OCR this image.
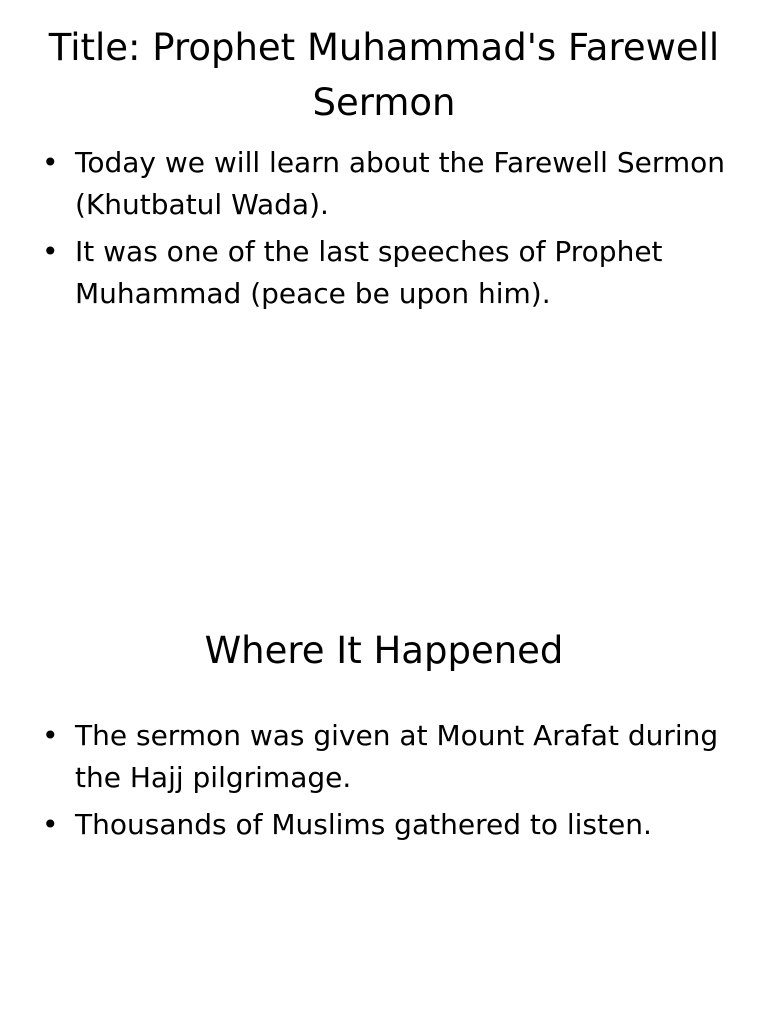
Title: Prophet Muhammad's Farewell Sermon
• Today we will learn about the Farewell Sermon (Khutbatul Wada).
• It was one of the last speeches of Prophet Muhammad (peace be upon him).
Where It Happened
• The sermon was given at Mount Arafat during the Hajj pilgrimage.
• Thousands of Muslims gathered to listen.
